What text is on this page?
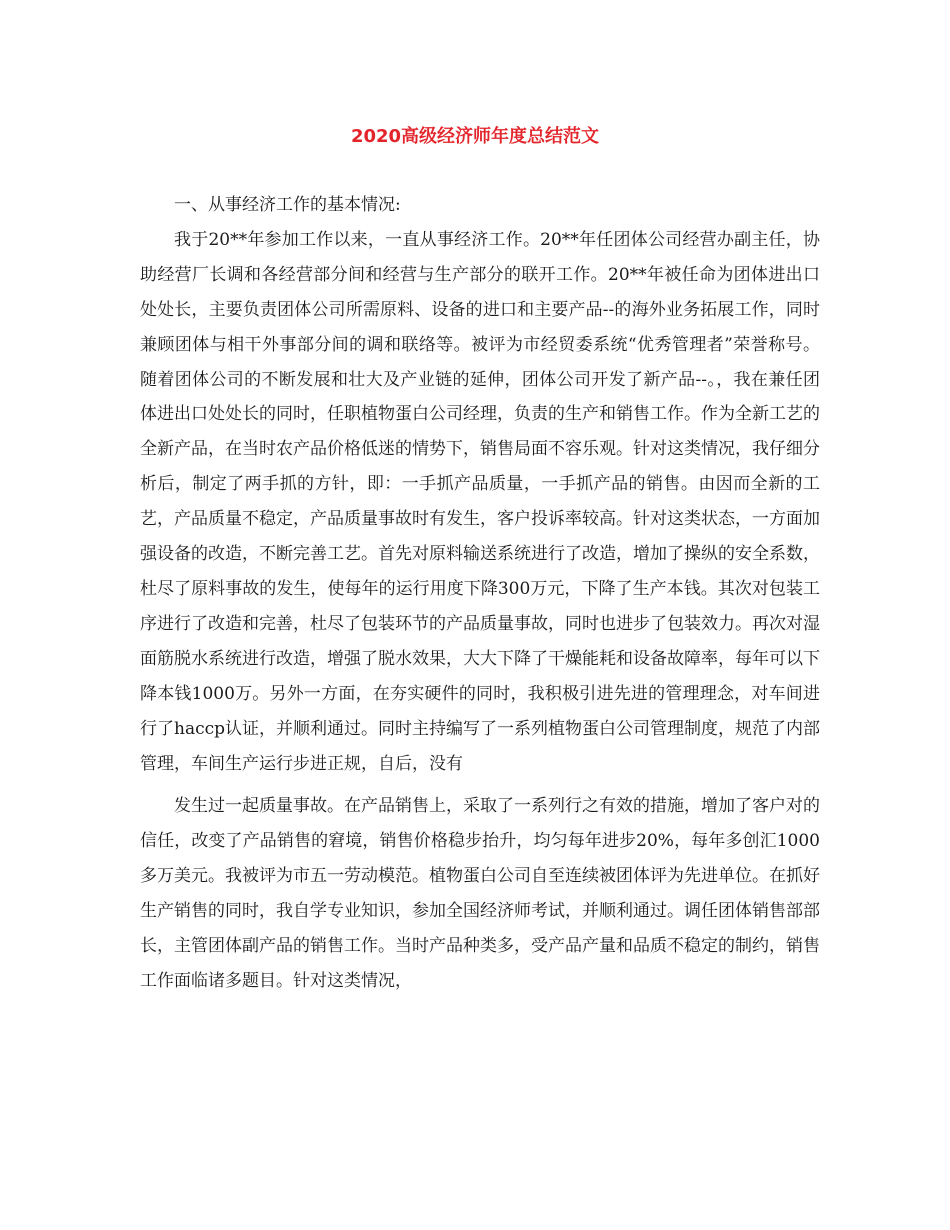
2020高级经济师年度总结范文

一、从事经济工作的基本情况:

我于20**年参加工作以来，一直从事经济工作。20**年任团体公司经营办副主任，协助经营厂长调和各经营部分间和经营与生产部分的联开工作。20**年被任命为团体进出口处处长，主要负责团体公司所需原料、设备的进口和主要产品--的海外业务拓展工作，同时兼顾团体与相干外事部分间的调和联络等。被评为市经贸委系统“优秀管理者”荣誉称号。随着团体公司的不断发展和壮大及产业链的延伸，团体公司开发了新产品--。，我在兼任团体进出口处处长的同时，任职植物蛋白公司经理，负责的生产和销售工作。作为全新工艺的全新产品，在当时农产品价格低迷的情势下，销售局面不容乐观。针对这类情况，我仔细分析后，制定了两手抓的方针，即：一手抓产品质量，一手抓产品的销售。由因而全新的工艺，产品质量不稳定，产品质量事故时有发生，客户投诉率较高。针对这类状态，一方面加强设备的改造，不断完善工艺。首先对原料输送系统进行了改造，增加了操纵的安全系数，杜尽了原料事故的发生，使每年的运行用度下降300万元，下降了生产本钱。其次对包装工序进行了改造和完善，杜尽了包装环节的产品质量事故，同时也进步了包装效力。再次对湿面筋脱水系统进行改造，增强了脱水效果，大大下降了干燥能耗和设备故障率，每年可以下降本钱1000万。另外一方面，在夯实硬件的同时，我积极引进先进的管理理念，对车间进行了haccp认证，并顺利通过。同时主持编写了一系列植物蛋白公司管理制度，规范了内部管理，车间生产运行步进正规，自后，没有

发生过一起质量事故。在产品销售上，采取了一系列行之有效的措施，增加了客户对的信任，改变了产品销售的窘境，销售价格稳步抬升，均匀每年进步20%，每年多创汇1000多万美元。我被评为市五一劳动模范。植物蛋白公司自至连续被团体评为先进单位。在抓好生产销售的同时，我自学专业知识，参加全国经济师考试，并顺利通过。调任团体销售部部长，主管团体副产品的销售工作。当时产品种类多，受产品产量和品质不稳定的制约，销售工作面临诸多题目。针对这类情况，
